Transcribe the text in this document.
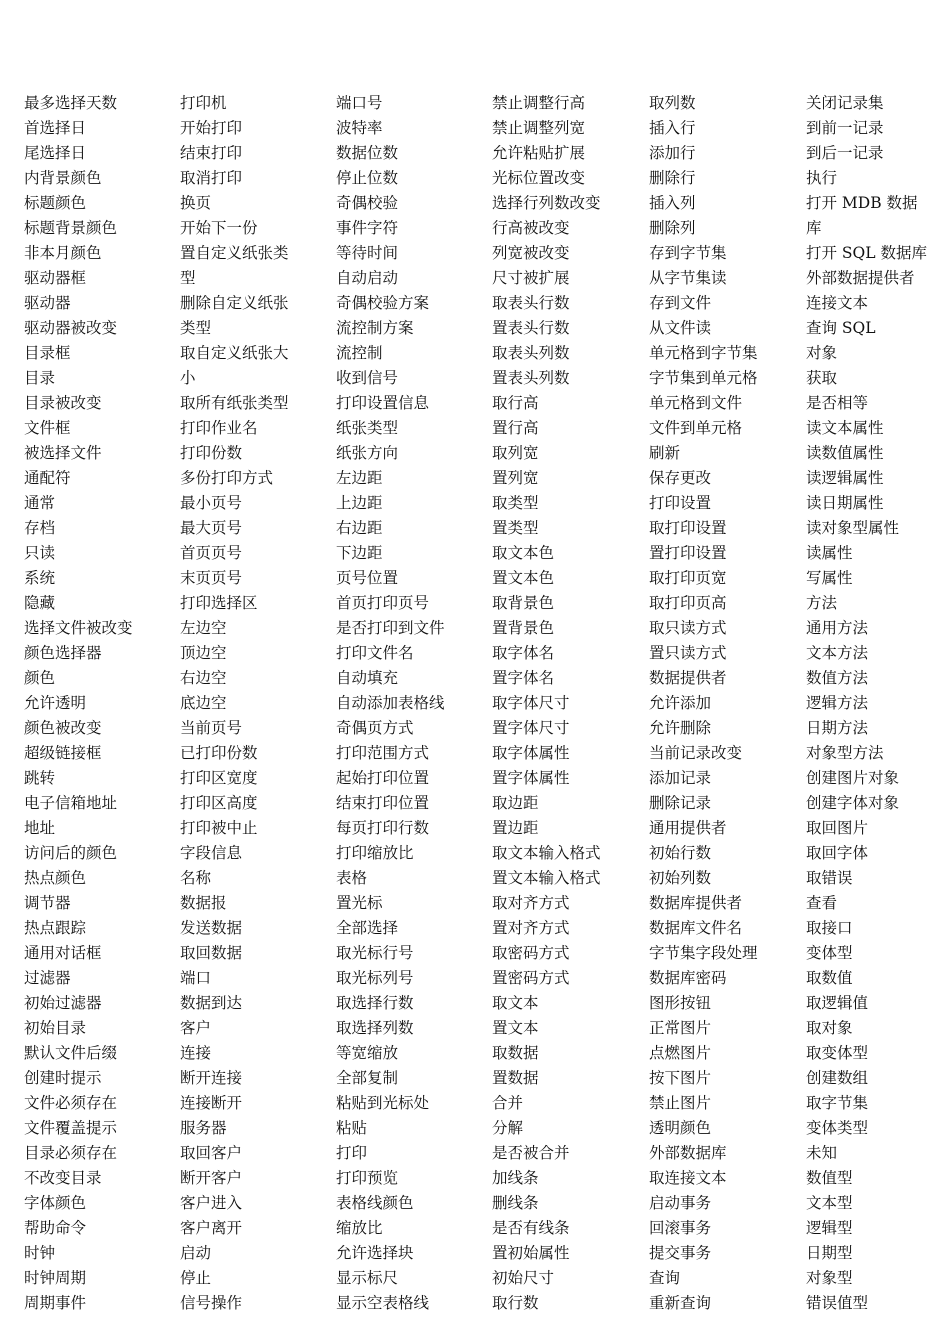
最多选择天数
首选择日
尾选择日
内背景颜色
标题颜色
标题背景颜色
非本月颜色
驱动器框
驱动器
驱动器被改变
目录框
目录
目录被改变
文件框
被选择文件
通配符
通常
存档
只读
系统
隐藏
选择文件被改变
颜色选择器
颜色
允许透明
颜色被改变
超级链接框
跳转
电子信箱地址
地址
访问后的颜色
热点颜色
调节器
热点跟踪
通用对话框
过滤器
初始过滤器
初始目录
默认文件后缀
创建时提示
文件必须存在
文件覆盖提示
目录必须存在
不改变目录
字体颜色
帮助命令
时钟
时钟周期
周期事件
打印机
开始打印
结束打印
取消打印
换页
开始下一份
置自定义纸张类
型
删除自定义纸张
类型
取自定义纸张大
小
取所有纸张类型
打印作业名
打印份数
多份打印方式
最小页号
最大页号
首页页号
末页页号
打印选择区
左边空
顶边空
右边空
底边空
当前页号
已打印份数
打印区宽度
打印区高度
打印被中止
字段信息
名称
数据报
发送数据
取回数据
端口
数据到达
客户
连接
断开连接
连接断开
服务器
取回客户
断开客户
客户进入
客户离开
启动
停止
信号操作
端口号
波特率
数据位数
停止位数
奇偶校验
事件字符
等待时间
自动启动
奇偶校验方案
流控制方案
流控制
收到信号
打印设置信息
纸张类型
纸张方向
左边距
上边距
右边距
下边距
页号位置
首页打印页号
是否打印到文件
打印文件名
自动填充
自动添加表格线
奇偶页方式
打印范围方式
起始打印位置
结束打印位置
每页打印行数
打印缩放比
表格
置光标
全部选择
取光标行号
取光标列号
取选择行数
取选择列数
等宽缩放
全部复制
粘贴到光标处
粘贴
打印
打印预览
表格线颜色
缩放比
允许选择块
显示标尺
显示空表格线
禁止调整行高
禁止调整列宽
允许粘贴扩展
光标位置改变
选择行列数改变
行高被改变
列宽被改变
尺寸被扩展
取表头行数
置表头行数
取表头列数
置表头列数
取行高
置行高
取列宽
置列宽
取类型
置类型
取文本色
置文本色
取背景色
置背景色
取字体名
置字体名
取字体尺寸
置字体尺寸
取字体属性
置字体属性
取边距
置边距
取文本输入格式
置文本输入格式
取对齐方式
置对齐方式
取密码方式
置密码方式
取文本
置文本
取数据
置数据
合并
分解
是否被合并
加线条
删线条
是否有线条
置初始属性
初始尺寸
取行数
取列数
插入行
添加行
删除行
插入列
删除列
存到字节集
从字节集读
存到文件
从文件读
单元格到字节集
字节集到单元格
单元格到文件
文件到单元格
刷新
保存更改
打印设置
取打印设置
置打印设置
取打印页宽
取打印页高
取只读方式
置只读方式
数据提供者
允许添加
允许删除
当前记录改变
添加记录
删除记录
通用提供者
初始行数
初始列数
数据库提供者
数据库文件名
字节集字段处理
数据库密码
图形按钮
正常图片
点燃图片
按下图片
禁止图片
透明颜色
外部数据库
取连接文本
启动事务
回滚事务
提交事务
查询
重新查询
关闭记录集
到前一记录
到后一记录
执行
打开 MDB 数据
库
打开 SQL 数据库
外部数据提供者
连接文本
查询 SQL
对象
获取
是否相等
读文本属性
读数值属性
读逻辑属性
读日期属性
读对象型属性
读属性
写属性
方法
通用方法
文本方法
数值方法
逻辑方法
日期方法
对象型方法
创建图片对象
创建字体对象
取回图片
取回字体
取错误
查看
取接口
变体型
取数值
取逻辑值
取对象
取变体型
创建数组
取字节集
变体类型
未知
数值型
文本型
逻辑型
日期型
对象型
错误值型
